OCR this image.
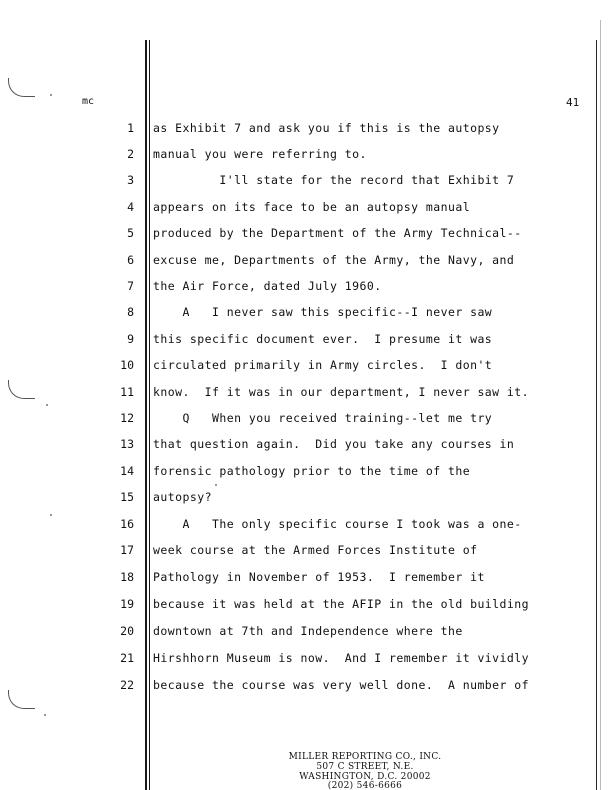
mc	41
1 as Exhibit 7 and ask you if this is the autopsy
2 manual you were referring to.
3 I'll state for the record that Exhibit 7
4 appears on its face to be an autopsy manual
5 produced by the Department of the Army Technical--
6 excuse me, Departments of the Army, the Navy, and
7 the Air Force, dated July 1960.
8 A   I never saw this specific--I never saw
9 this specific document ever.  I presume it was
10 circulated primarily in Army circles.  I don't
11 know.  If it was in our department, I never saw it.
12 Q   When you received training--let me try
13 that question again.  Did you take any courses in
14 forensic pathology prior to the time of the
15 autopsy?
16 A   The only specific course I took was a one-
17 week course at the Armed Forces Institute of
18 Pathology in November of 1953.  I remember it
19 because it was held at the AFIP in the old building
20 downtown at 7th and Independence where the
21 Hirshhorn Museum is now.  And I remember it vividly
22 because the course was very well done.  A number of
MILLER REPORTING CO., INC.
507 C STREET, N.E.
WASHINGTON, D.C. 20002
(202) 546-6666
